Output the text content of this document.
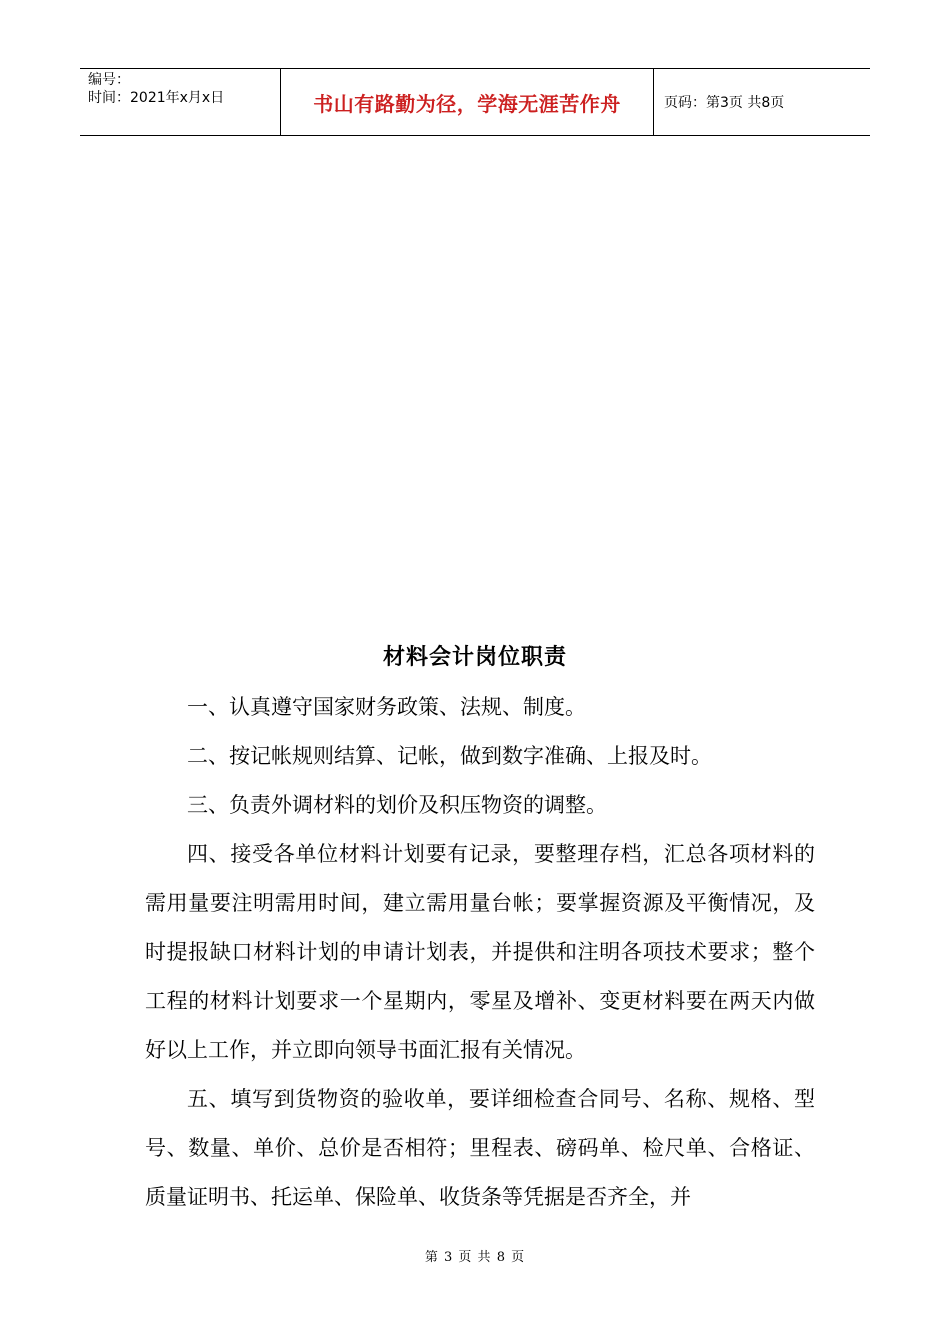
编号：
时间：2021年x月x日	书山有路勤为径，学海无涯苦作舟	页码：第3页 共8页
材料会计岗位职责

一、认真遵守国家财务政策、法规、制度。

二、按记帐规则结算、记帐，做到数字准确、上报及时。

三、负责外调材料的划价及积压物资的调整。

四、接受各单位材料计划要有记录，要整理存档，汇总各项材料的需用量要注明需用时间，建立需用量台帐；要掌握资源及平衡情况，及时提报缺口材料计划的申请计划表，并提供和注明各项技术要求；整个工程的材料计划要求一个星期内，零星及增补、变更材料要在两天内做好以上工作，并立即向领导书面汇报有关情况。

五、填写到货物资的验收单，要详细检查合同号、名称、规格、型号、数量、单价、总价是否相符；里程表、磅码单、检尺单、合格证、质量证明书、托运单、保险单、收货条等凭据是否齐全，并

第 3 页 共 8 页
